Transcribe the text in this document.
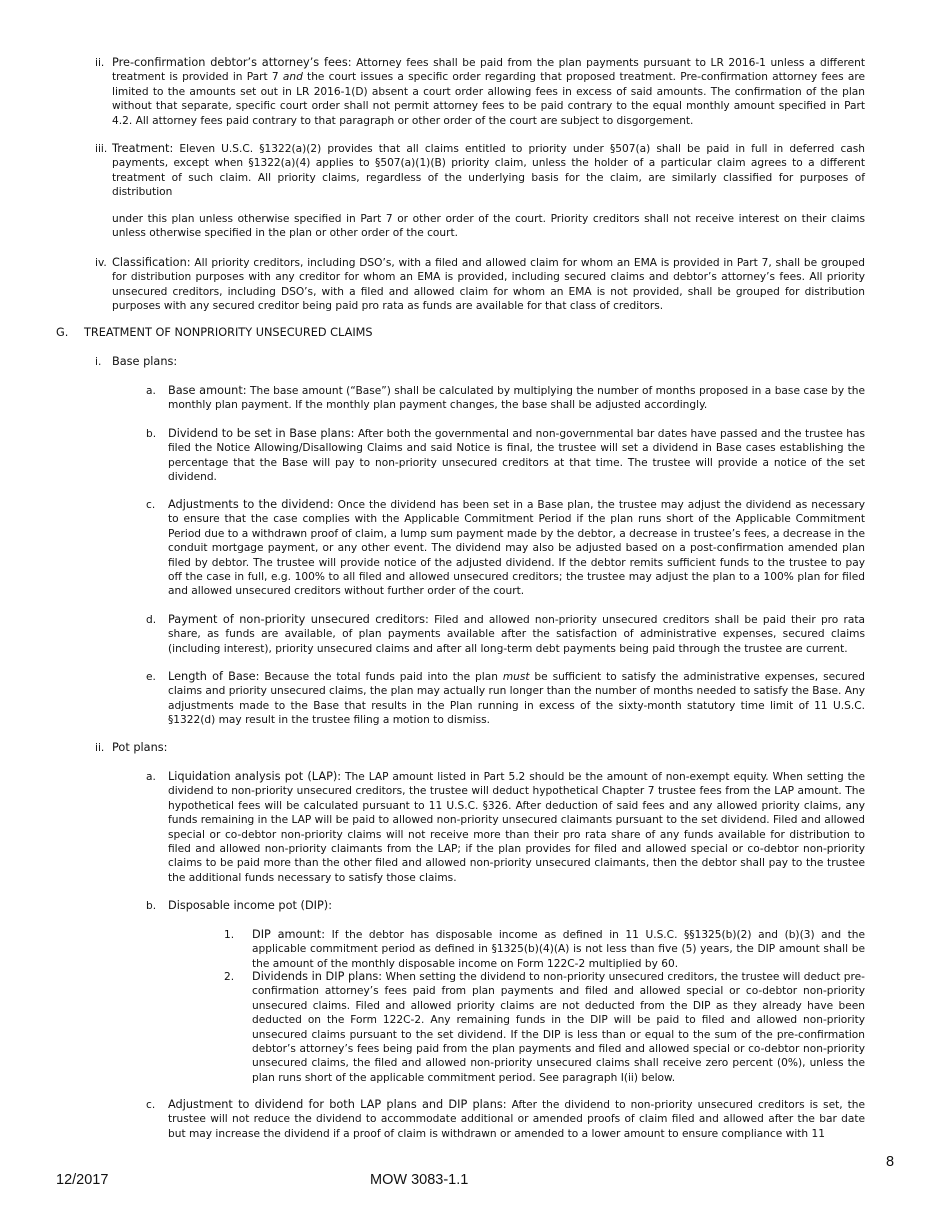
ii. Pre-confirmation debtor’s attorney’s fees: Attorney fees shall be paid from the plan payments pursuant to LR 2016-1 unless a different treatment is provided in Part 7 and the court issues a specific order regarding that proposed treatment. Pre-confirmation attorney fees are limited to the amounts set out in LR 2016-1(D) absent a court order allowing fees in excess of said amounts. The confirmation of the plan without that separate, specific court order shall not permit attorney fees to be paid contrary to the equal monthly amount specified in Part 4.2. All attorney fees paid contrary to that paragraph or other order of the court are subject to disgorgement.
iii. Treatment: Eleven U.S.C. §1322(a)(2) provides that all claims entitled to priority under §507(a) shall be paid in full in deferred cash payments, except when §1322(a)(4) applies to §507(a)(1)(B) priority claim, unless the holder of a particular claim agrees to a different treatment of such claim. All priority claims, regardless of the underlying basis for the claim, are similarly classified for purposes of distribution
under this plan unless otherwise specified in Part 7 or other order of the court. Priority creditors shall not receive interest on their claims unless otherwise specified in the plan or other order of the court.
iv. Classification: All priority creditors, including DSO’s, with a filed and allowed claim for whom an EMA is provided in Part 7, shall be grouped for distribution purposes with any creditor for whom an EMA is provided, including secured claims and debtor’s attorney’s fees. All priority unsecured creditors, including DSO’s, with a filed and allowed claim for whom an EMA is not provided, shall be grouped for distribution purposes with any secured creditor being paid pro rata as funds are available for that class of creditors.
G. TREATMENT OF NONPRIORITY UNSECURED CLAIMS
i. Base plans:
a. Base amount: The base amount (“Base”) shall be calculated by multiplying the number of months proposed in a base case by the monthly plan payment. If the monthly plan payment changes, the base shall be adjusted accordingly.
b. Dividend to be set in Base plans: After both the governmental and non-governmental bar dates have passed and the trustee has filed the Notice Allowing/Disallowing Claims and said Notice is final, the trustee will set a dividend in Base cases establishing the percentage that the Base will pay to non-priority unsecured creditors at that time. The trustee will provide a notice of the set dividend.
c. Adjustments to the dividend: Once the dividend has been set in a Base plan, the trustee may adjust the dividend as necessary to ensure that the case complies with the Applicable Commitment Period if the plan runs short of the Applicable Commitment Period due to a withdrawn proof of claim, a lump sum payment made by the debtor, a decrease in trustee’s fees, a decrease in the conduit mortgage payment, or any other event. The dividend may also be adjusted based on a post-confirmation amended plan filed by debtor. The trustee will provide notice of the adjusted dividend. If the debtor remits sufficient funds to the trustee to pay off the case in full, e.g. 100% to all filed and allowed unsecured creditors; the trustee may adjust the plan to a 100% plan for filed and allowed unsecured creditors without further order of the court.
d. Payment of non-priority unsecured creditors: Filed and allowed non-priority unsecured creditors shall be paid their pro rata share, as funds are available, of plan payments available after the satisfaction of administrative expenses, secured claims (including interest), priority unsecured claims and after all long-term debt payments being paid through the trustee are current.
e. Length of Base: Because the total funds paid into the plan must be sufficient to satisfy the administrative expenses, secured claims and priority unsecured claims, the plan may actually run longer than the number of months needed to satisfy the Base. Any adjustments made to the Base that results in the Plan running in excess of the sixty-month statutory time limit of 11 U.S.C. §1322(d) may result in the trustee filing a motion to dismiss.
ii. Pot plans:
a. Liquidation analysis pot (LAP): The LAP amount listed in Part 5.2 should be the amount of non-exempt equity. When setting the dividend to non-priority unsecured creditors, the trustee will deduct hypothetical Chapter 7 trustee fees from the LAP amount. The hypothetical fees will be calculated pursuant to 11 U.S.C. §326. After deduction of said fees and any allowed priority claims, any funds remaining in the LAP will be paid to allowed non-priority unsecured claimants pursuant to the set dividend. Filed and allowed special or co-debtor non-priority claims will not receive more than their pro rata share of any funds available for distribution to filed and allowed non-priority claimants from the LAP; if the plan provides for filed and allowed special or co-debtor non-priority claims to be paid more than the other filed and allowed non-priority unsecured claimants, then the debtor shall pay to the trustee the additional funds necessary to satisfy those claims.
b. Disposable income pot (DIP):
1. DIP amount: If the debtor has disposable income as defined in 11 U.S.C. §§1325(b)(2) and (b)(3) and the applicable commitment period as defined in §1325(b)(4)(A) is not less than five (5) years, the DIP amount shall be the amount of the monthly disposable income on Form 122C-2 multiplied by 60.
2. Dividends in DIP plans: When setting the dividend to non-priority unsecured creditors, the trustee will deduct pre-confirmation attorney’s fees paid from plan payments and filed and allowed special or co-debtor non-priority unsecured claims. Filed and allowed priority claims are not deducted from the DIP as they already have been deducted on the Form 122C-2. Any remaining funds in the DIP will be paid to filed and allowed non-priority unsecured claims pursuant to the set dividend. If the DIP is less than or equal to the sum of the pre-confirmation debtor’s attorney’s fees being paid from the plan payments and filed and allowed special or co-debtor non-priority unsecured claims, the filed and allowed non-priority unsecured claims shall receive zero percent (0%), unless the plan runs short of the applicable commitment period. See paragraph I(ii) below.
c. Adjustment to dividend for both LAP plans and DIP plans: After the dividend to non-priority unsecured creditors is set, the trustee will not reduce the dividend to accommodate additional or amended proofs of claim filed and allowed after the bar date but may increase the dividend if a proof of claim is withdrawn or amended to a lower amount to ensure compliance with 11
8
12/2017	MOW 3083-1.1
